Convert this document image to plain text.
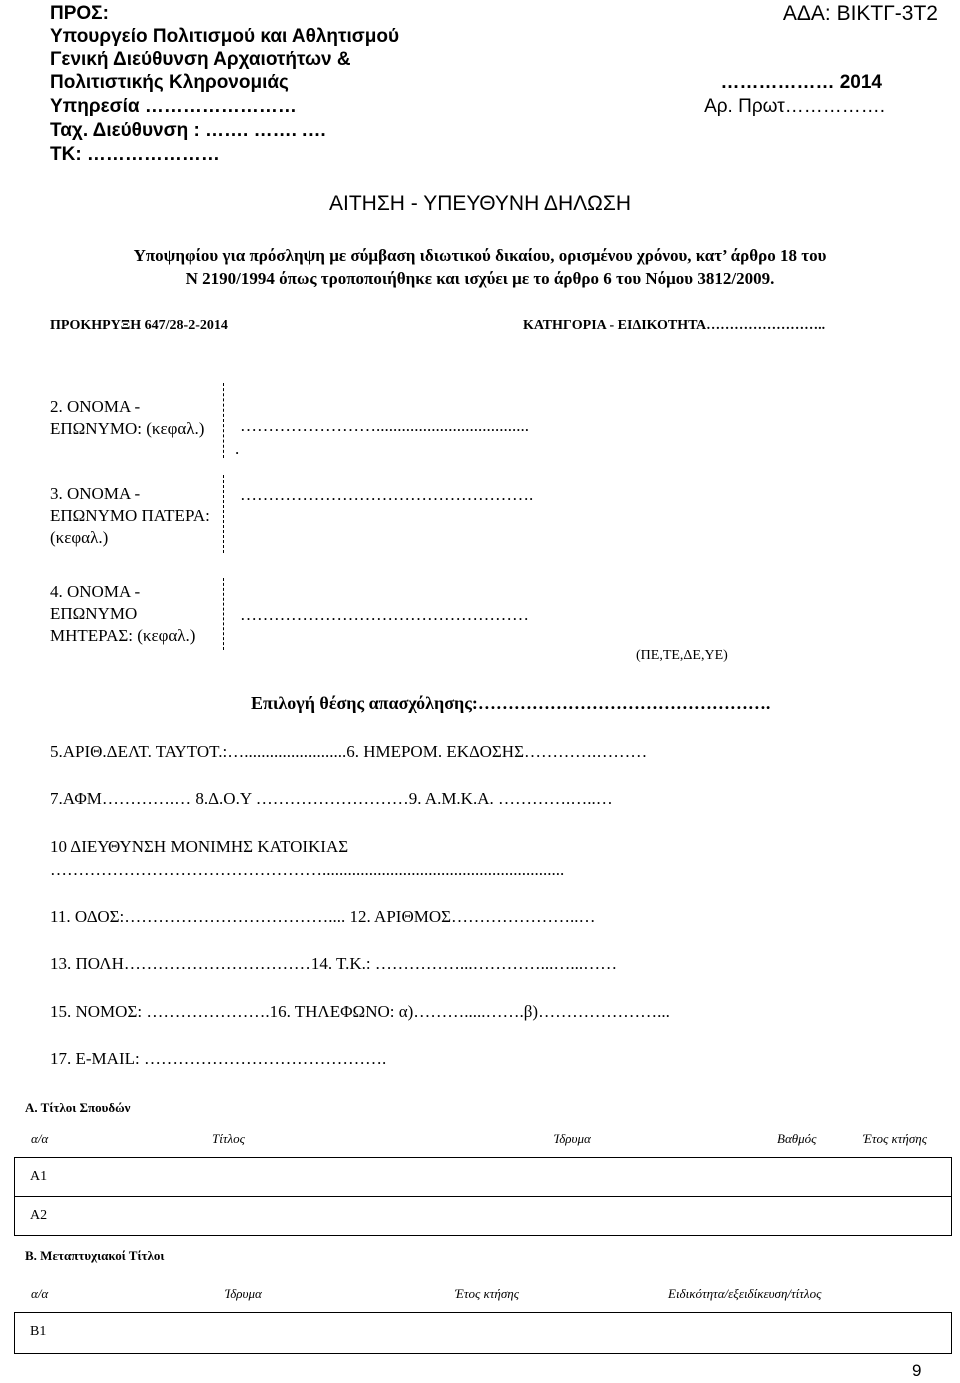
ΠΡΟΣ:
Υπουργείο Πολιτισμού και Αθλητισμού
Γενική Διεύθυνση Αρχαιοτήτων &
Πολιτιστικής Κληρονομιάς
Υπηρεσία ……………………
Ταχ. Διεύθυνση : ……. ……. .…
ΤΚ: …………………
ΑΔΑ: ΒΙΚΤΓ-3Τ2
……………… 2014
Αρ. Πρωτ…………….
ΑΙΤΗΣΗ - ΥΠΕΥΘΥΝΗ ΔΗΛΩΣΗ
Υποψηφίου για πρόσληψη με σύμβαση ιδιωτικού δικαίου, ορισμένου χρόνου, κατ’ άρθρο 18 του
Ν 2190/1994 όπως τροποποιήθηκε και ισχύει με το άρθρο 6 του Νόμου 3812/2009.
ΠΡΟΚΗΡΥΞΗ 647/28-2-2014	ΚΑΤΗΓΟΡΙΑ - ΕΙΔΙΚΟΤΗΤΑ……………………..
2. ΟΝΟΜΑ -
ΕΠΩΝΥΜΟ: (κεφαλ.) ……………………....................................
.
3. ΟΝΟΜΑ -
ΕΠΩΝΥΜΟ ΠΑΤΕΡΑ:
(κεφαλ.)
…………………………………………….
4. ΟΝΟΜΑ -
ΕΠΩΝΥΜΟ
ΜΗΤΕΡΑΣ: (κεφαλ.)
……………………………………………
(ΠΕ,ΤΕ,ΔΕ,ΥΕ)
Επιλογή θέσης απασχόλησης:………………………………………….
5.ΑΡΙΘ.ΔΕΛΤ. ΤΑΥΤΟΤ.:…........................6. ΗΜΕΡΟΜ. ΕΚΔΟΣΗΣ………….………
7.ΑΦΜ………….… 8.Δ.Ο.Υ ………………………9. Α.Μ.Κ.Α. ………….…..…
10 ΔΙΕΥΘΥΝΣΗ ΜΟΝΙΜΗΣ ΚΑΤΟΙΚΙΑΣ
………………………………………….........................................................
11. ΟΔΟΣ:……………………………….... 12. ΑΡΙΘΜΟΣ…………………..…
13. ΠΟΛΗ……………………………14. Τ.Κ.: ……………...…………...…...……
15. ΝΟΜΟΣ: ………………….16. ΤΗΛΕΦΩΝΟ: α)……….....…….β)…………………...
17. E-MAIL: …………………………………….
Α. Τίτλοι Σπουδών
α/α	Τίτλος	Ίδρυμα	Βαθμός	Έτος κτήσης
Α1
Α2
Β. Μεταπτυχιακοί Τίτλοι
α/α	Ίδρυμα	Έτος κτήσης	Ειδικότητα/εξειδίκευση/τίτλος
Β1
9
